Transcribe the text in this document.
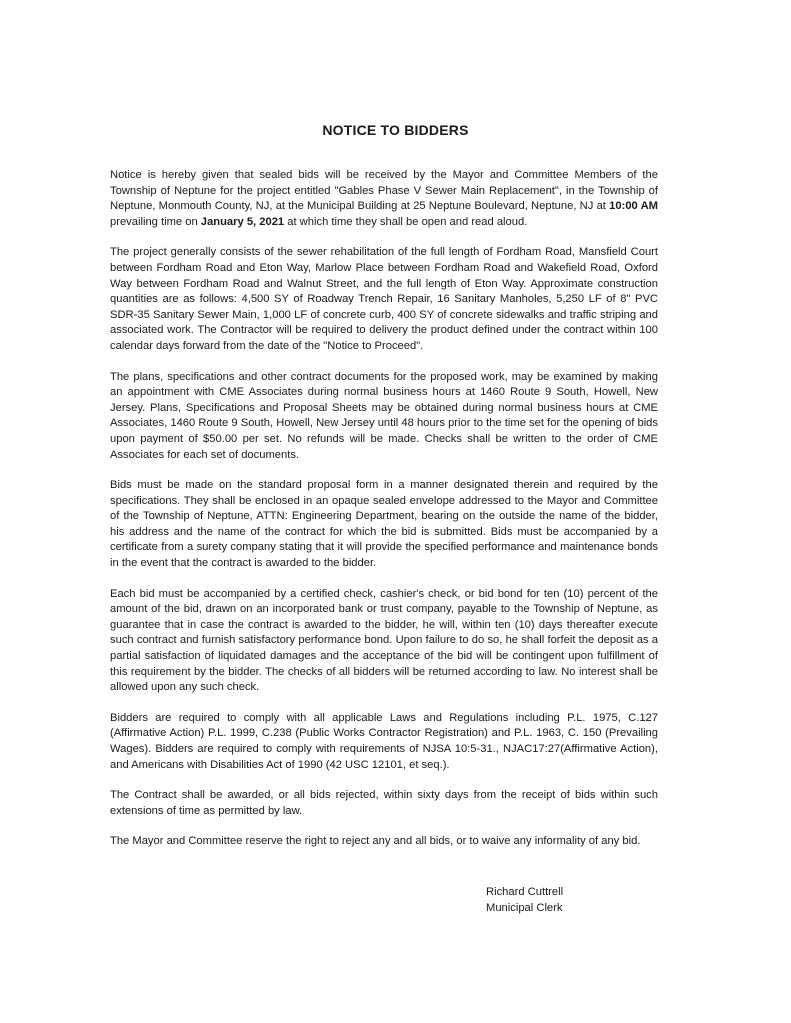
NOTICE TO BIDDERS

Notice is hereby given that sealed bids will be received by the Mayor and Committee Members of the Township of Neptune for the project entitled "Gables Phase V Sewer Main Replacement", in the Township of Neptune, Monmouth County, NJ, at the Municipal Building at 25 Neptune Boulevard, Neptune, NJ at 10:00 AM prevailing time on January 5, 2021 at which time they shall be open and read aloud.

The project generally consists of the sewer rehabilitation of the full length of Fordham Road, Mansfield Court between Fordham Road and Eton Way, Marlow Place between Fordham Road and Wakefield Road, Oxford Way between Fordham Road and Walnut Street, and the full length of Eton Way. Approximate construction quantities are as follows: 4,500 SY of Roadway Trench Repair, 16 Sanitary Manholes, 5,250 LF of 8" PVC SDR-35 Sanitary Sewer Main, 1,000 LF of concrete curb, 400 SY of concrete sidewalks and traffic striping and associated work. The Contractor will be required to delivery the product defined under the contract within 100 calendar days forward from the date of the "Notice to Proceed".

The plans, specifications and other contract documents for the proposed work, may be examined by making an appointment with CME Associates during normal business hours at 1460 Route 9 South, Howell, New Jersey. Plans, Specifications and Proposal Sheets may be obtained during normal business hours at CME Associates, 1460 Route 9 South, Howell, New Jersey until 48 hours prior to the time set for the opening of bids upon payment of $50.00 per set. No refunds will be made. Checks shall be written to the order of CME Associates for each set of documents.

Bids must be made on the standard proposal form in a manner designated therein and required by the specifications. They shall be enclosed in an opaque sealed envelope addressed to the Mayor and Committee of the Township of Neptune, ATTN: Engineering Department, bearing on the outside the name of the bidder, his address and the name of the contract for which the bid is submitted. Bids must be accompanied by a certificate from a surety company stating that it will provide the specified performance and maintenance bonds in the event that the contract is awarded to the bidder.

Each bid must be accompanied by a certified check, cashier's check, or bid bond for ten (10) percent of the amount of the bid, drawn on an incorporated bank or trust company, payable to the Township of Neptune, as guarantee that in case the contract is awarded to the bidder, he will, within ten (10) days thereafter execute such contract and furnish satisfactory performance bond. Upon failure to do so, he shall forfeit the deposit as a partial satisfaction of liquidated damages and the acceptance of the bid will be contingent upon fulfillment of this requirement by the bidder. The checks of all bidders will be returned according to law. No interest shall be allowed upon any such check.

Bidders are required to comply with all applicable Laws and Regulations including P.L. 1975, C.127 (Affirmative Action) P.L. 1999, C.238 (Public Works Contractor Registration) and P.L. 1963, C. 150 (Prevailing Wages). Bidders are required to comply with requirements of NJSA 10:5-31., NJAC17:27(Affirmative Action), and Americans with Disabilities Act of 1990 (42 USC 12101, et seq.).

The Contract shall be awarded, or all bids rejected, within sixty days from the receipt of bids within such extensions of time as permitted by law.

The Mayor and Committee reserve the right to reject any and all bids, or to waive any informality of any bid.

Richard Cuttrell
Municipal Clerk
